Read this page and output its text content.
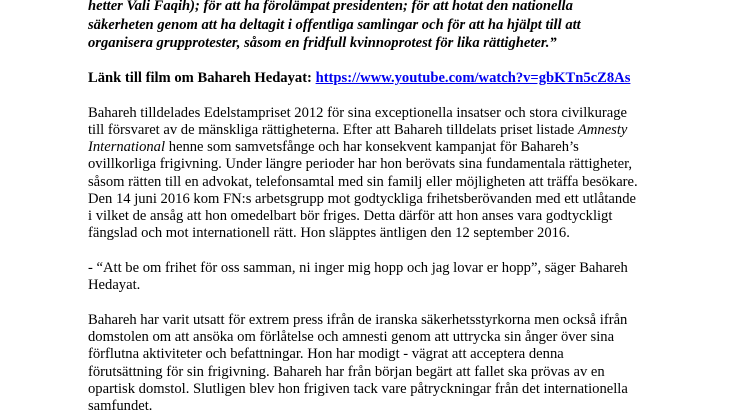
hetter Vali Faqih); för att ha förolämpat presidenten; för att hotat den nationella
säkerheten genom att ha deltagit i offentliga samlingar och för att ha hjälpt till att
organisera grupprotester, såsom en fridfull kvinnoprotest för lika rättigheter.”
Länk till film om Bahareh Hedayat: https://www.youtube.com/watch?v=gbKTn5cZ8As
Bahareh tilldelades Edelstampriset 2012 för sina exceptionella insatser och stora civilkurage
till försvaret av de mänskliga rättigheterna. Efter att Bahareh tilldelats priset listade Amnesty
International henne som samvetsfånge och har konsekvent kampanjat för Bahareh’s
ovillkorliga frigivning. Under längre perioder har hon berövats sina fundamentala rättigheter,
såsom rätten till en advokat, telefonsamtal med sin familj eller möjligheten att träffa besökare.
Den 14 juni 2016 kom FN:s arbetsgrupp mot godtyckliga frihetsberövanden med ett utlåtande
i vilket de ansåg att hon omedelbart bör friges. Detta därför att hon anses vara godtyckligt
fängslad och mot internationell rätt. Hon släpptes äntligen den 12 september 2016.
- “Att be om frihet för oss samman, ni inger mig hopp och jag lovar er hopp”, säger Bahareh
Hedayat.
Bahareh har varit utsatt för extrem press ifrån de iranska säkerhetsstyrkorna men också ifrån
domstolen om att ansöka om förlåtelse och amnesti genom att uttrycka sin ånger över sina
förflutna aktiviteter och befattningar. Hon har modigt - vägrat att acceptera denna
förutsättning för sin frigivning. Bahareh har från början begärt att fallet ska prövas av en
opartisk domstol. Slutligen blev hon frigiven tack vare påtryckningar från det internationella
samfundet.
